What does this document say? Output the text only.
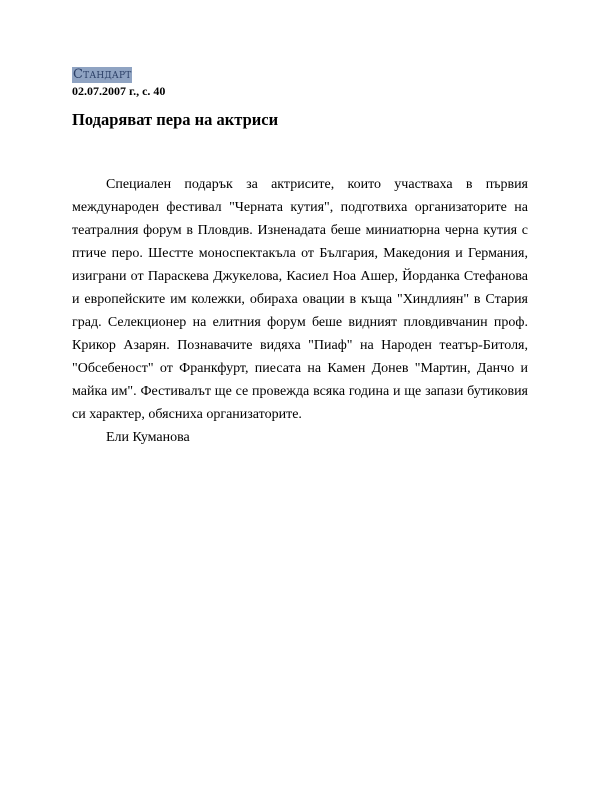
Стандарт
02.07.2007 г., с. 40
Подаряват пера на актриси

Специален подарък за актрисите, които участваха в първия международен фестивал "Черната кутия", подготвиха организаторите на театралния форум в Пловдив. Изненадата беше миниатюрна черна кутия с птиче перо. Шестте моноспектакъла от България, Македония и Германия, изиграни от Параскева Джукелова, Касиел Ноа Ашер, Йорданка Стефанова и европейските им колежки, обираха овации в къща "Хиндлиян" в Стария град. Селекционер на елитния форум беше видният пловдивчанин проф. Крикор Азарян. Познавачите видяха "Пиаф" на Народен театър-Битоля, "Обсебеност" от Франкфурт, пиесата на Камен Донев "Мартин, Данчо и майка им". Фестивалът ще се провежда всяка година и ще запази бутиковия си характер, обясниха организаторите.

Ели Куманова
